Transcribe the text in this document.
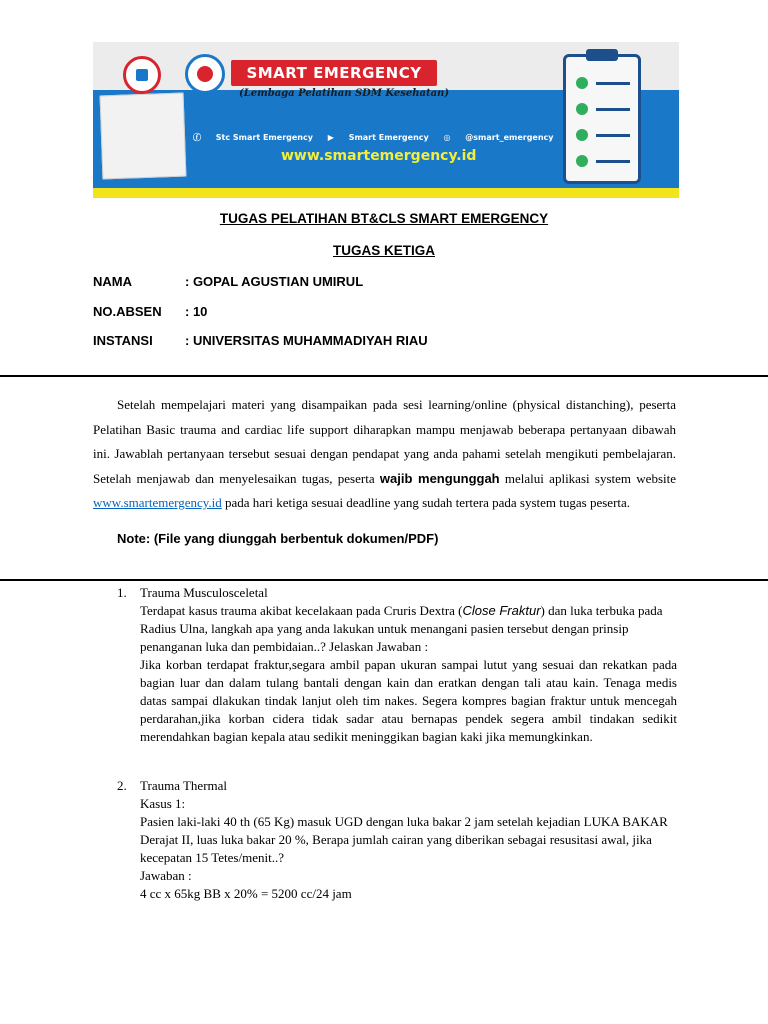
SMART EMERGENCY
(Lembaga Pelatihan SDM Kesehatan)
ⓕ Stc Smart Emergency ▶ Smart Emergency ◎ @smart_emergency
www.smartemergency.id
TUGAS PELATIHAN BT&CLS SMART EMERGENCY
TUGAS KETIGA
NAMA	: GOPAL AGUSTIAN UMIRUL
NO.ABSEN : 10
INSTANSI : UNIVERSITAS MUHAMMADIYAH RIAU

Setelah mempelajari materi yang disampaikan pada sesi learning/online (physical distanching), peserta Pelatihan Basic trauma and cardiac life support diharapkan mampu menjawab beberapa pertanyaan dibawah ini. Jawablah pertanyaan tersebut sesuai dengan pendapat yang anda pahami setelah mengikuti pembelajaran. Setelah menjawab dan menyelesaikan tugas, peserta wajib mengunggah melalui aplikasi system website www.smartemergency.id pada hari ketiga sesuai deadline yang sudah tertera pada system tugas peserta.

Note: (File yang diunggah berbentuk dokumen/PDF)
1. Trauma Musculosceletal

Terdapat kasus trauma akibat kecelakaan pada Cruris Dextra (Close Fraktur) dan luka terbuka pada Radius Ulna, langkah apa yang anda lakukan untuk menangani pasien tersebut dengan prinsip penanganan luka dan pembidaian..? Jelaskan Jawaban :

Jika korban terdapat fraktur,segara ambil papan ukuran sampai lutut yang sesuai dan rekatkan pada bagian luar dan dalam tulang bantali dengan kain dan eratkan dengan tali atau kain. Tenaga medis datas sampai dlakukan tindak lanjut oleh tim nakes. Segera kompres bagian fraktur untuk mencegah perdarahan,jika korban cidera tidak sadar atau bernapas pendek segera ambil tindakan sedikit merendahkan bagian kepala atau sedikit meninggikan bagian kaki jika memungkinkan.

2. Trauma Thermal

Kasus 1:

Pasien laki-laki 40 th (65 Kg) masuk UGD dengan luka bakar 2 jam setelah kejadian LUKA BAKAR Derajat II, luas luka bakar 20 %, Berapa jumlah cairan yang diberikan sebagai resusitasi awal, jika kecepatan 15 Tetes/menit..?

Jawaban :

4 cc x 65kg BB x 20% = 5200 cc/24 jam
